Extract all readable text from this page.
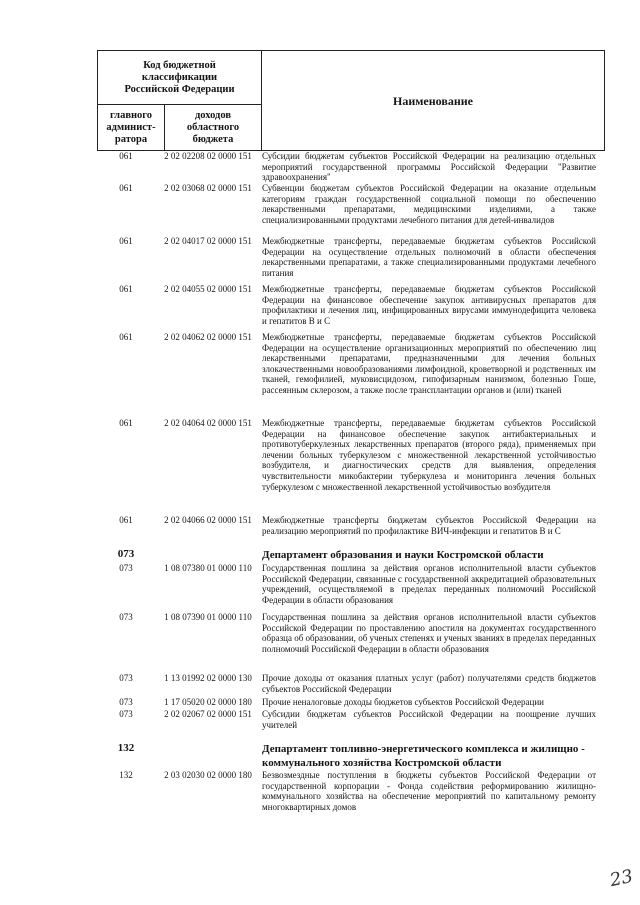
Код бюджетной классификации Российской Федерации		Наименование
главного админист-ратора	доходов областного бюджета	
061	2 02 02208 02 0000 151	Субсидии бюджетам субъектов Российской Федерации на реализацию отдельных мероприятий государственной программы Российской Федерации "Развитие здравоохранения"
061	2 02 03068 02 0000 151	Субвенции бюджетам субъектов Российской Федерации на оказание отдельным категориям граждан государственной социальной помощи по обеспечению лекарственными препаратами, медицинскими изделиями, а также специализированными продуктами лечебного питания для детей-инвалидов
061	2 02 04017 02 0000 151	Межбюджетные трансферты, передаваемые бюджетам субъектов Российской Федерации на осуществление отдельных полномочий в области обеспечения лекарственными препаратами, а также специализированными продуктами лечебного питания
061	2 02 04055 02 0000 151	Межбюджетные трансферты, передаваемые бюджетам субъектов Российской Федерации на финансовое обеспечение закупок антивирусных препаратов для профилактики и лечения лиц, инфицированных вирусами иммунодефицита человека и гепатитов В и С
061	2 02 04062 02 0000 151	Межбюджетные трансферты, передаваемые бюджетам субъектов Российской Федерации на осуществление организационных мероприятий по обеспечению лиц лекарственными препаратами, предназначенными для лечения больных злокачественными новообразованиями лимфоидной, кроветворной и родственных им тканей, гемофилией, муковисцидозом, гипофизарным нанизмом, болезнью Гоше, рассеянным склерозом, а также после трансплантации органов и (или) тканей
061	2 02 04064 02 0000 151	Межбюджетные трансферты, передаваемые бюджетам субъектов Российской Федерации на финансовое обеспечение закупок антибактериальных и противотуберкулезных лекарственных препаратов (второго ряда), применяемых при лечении больных туберкулезом с множественной лекарственной устойчивостью возбудителя, и диагностических средств для выявления, определения чувствительности микобактерии туберкулеза и мониторинга лечения больных туберкулезом с множественной лекарственной устойчивостью возбудителя
061	2 02 04066 02 0000 151	Межбюджетные трансферты бюджетам субъектов Российской Федерации на реализацию мероприятий по профилактике ВИЧ-инфекции и гепатитов В и С
073	Департамент образования и науки Костромской области
073	1 08 07380 01 0000 110	Государственная пошлина за действия органов исполнительной власти субъектов Российской Федерации, связанные с государственной аккредитацией образовательных учреждений, осуществляемой в пределах переданных полномочий Российской Федерации в области образования
073	1 08 07390 01 0000 110	Государственная пошлина за действия органов исполнительной власти субъектов Российской Федерации по проставлению апостиля на документах государственного образца об образовании, об ученых степенях и ученых званиях в пределах переданных полномочий Российской Федерации в области образования
073	1 13 01992 02 0000 130	Прочие доходы от оказания платных услуг (работ) получателями средств бюджетов субъектов Российской Федерации
073	1 17 05020 02 0000 180	Прочие неналоговые доходы бюджетов субъектов Российской Федерации
073	2 02 02067 02 0000 151	Субсидии бюджетам субъектов Российской Федерации на поощрение лучших учителей
132	Департамент топливно-энергетического комплекса и жилищно - коммунального хозяйства Костромской области
132	2 03 02030 02 0000 180	Безвозмездные поступления в бюджеты субъектов Российской Федерации от государственной корпорации - Фонда содействия реформированию жилищно-коммунального хозяйства на обеспечение мероприятий по капитальному ремонту многоквартирных домов
23
